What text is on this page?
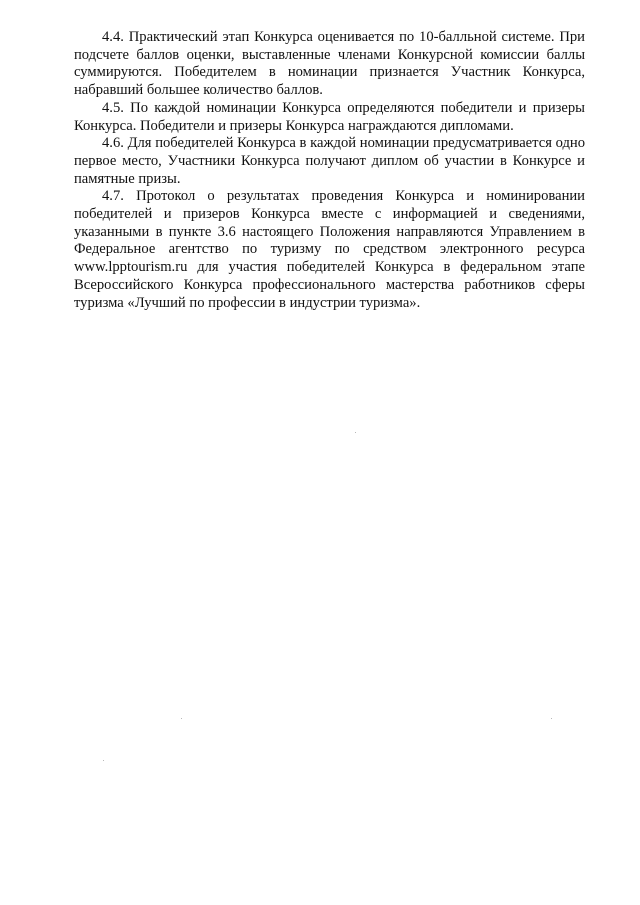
4.4. Практический этап Конкурса оценивается по 10-балльной системе. При подсчете баллов оценки, выставленные членами Конкурсной комиссии баллы суммируются. Победителем в номинации признается Участник Конкурса, набравший большее количество баллов.

4.5. По каждой номинации Конкурса определяются победители и призеры Конкурса. Победители и призеры Конкурса награждаются дипломами.

4.6. Для победителей Конкурса в каждой номинации предусматривается одно первое место, Участники Конкурса получают диплом об участии в Конкурсе и памятные призы.

4.7. Протокол о результатах проведения Конкурса и номинировании победителей и призеров Конкурса вместе с информацией и сведениями, указанными в пункте 3.6 настоящего Положения направляются Управлением в Федеральное агентство по туризму по средством электронного ресурса www.lpptourism.ru для участия победителей Конкурса в федеральном этапе Всероссийского Конкурса профессионального мастерства работников сферы туризма «Лучший по профессии в индустрии туризма».
